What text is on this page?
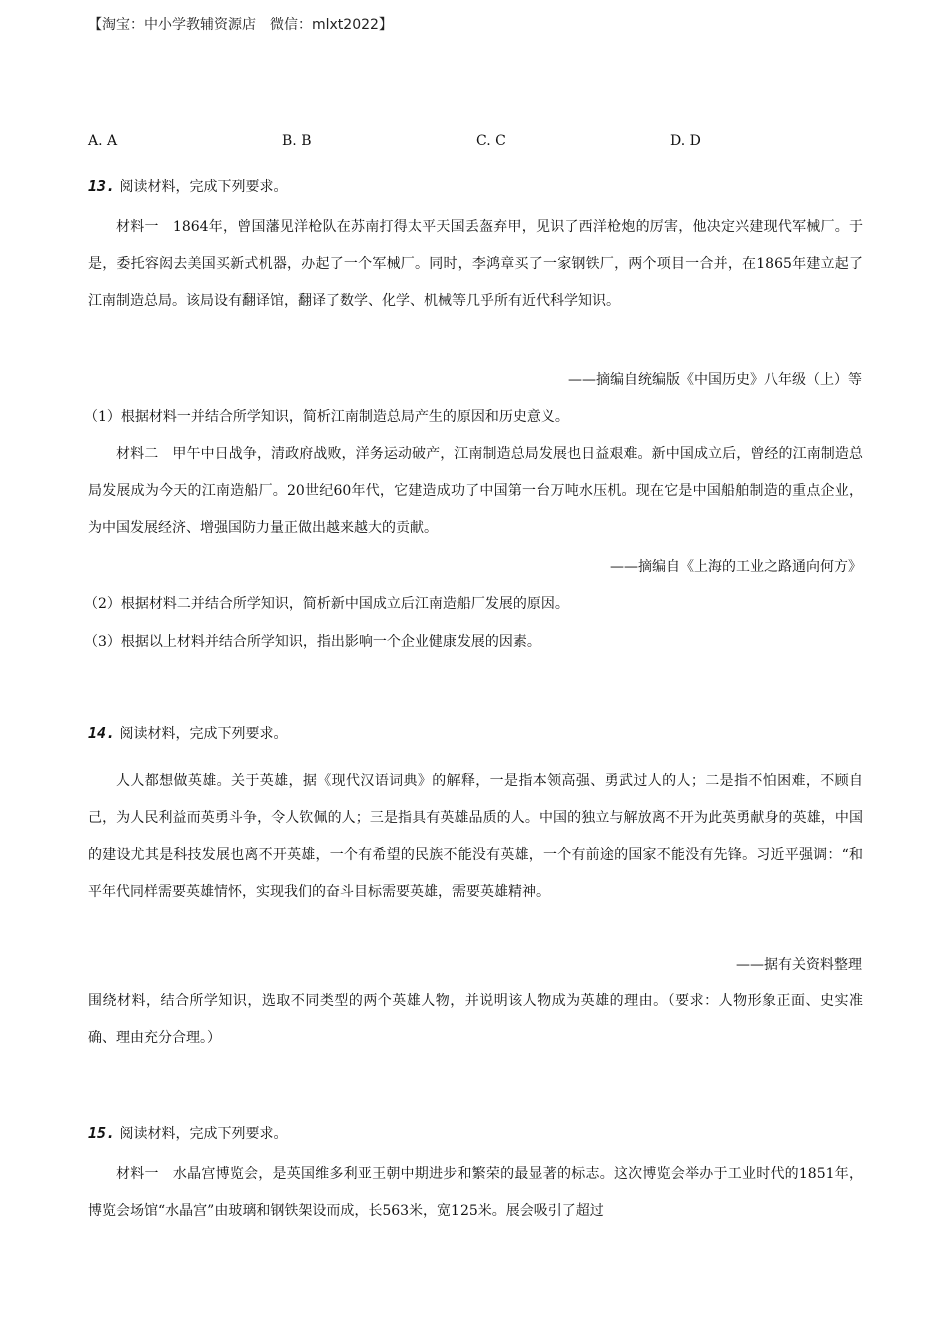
【淘宝：中小学教辅资源店　微信：mlxt2022】
A. A	B. B	C. C	D. D
13. 阅读材料，完成下列要求。
材料一　1864年，曾国藩见洋枪队在苏南打得太平天国丢盔弃甲，见识了西洋枪炮的厉害，他决定兴建现代军械厂。于是，委托容闳去美国买新式机器，办起了一个军械厂。同时，李鸿章买了一家钢铁厂，两个项目一合并，在1865年建立起了江南制造总局。该局设有翻译馆，翻译了数学、化学、机械等几乎所有近代科学知识。
——摘编自统编版《中国历史》八年级（上）等
（1）根据材料一并结合所学知识，简析江南制造总局产生的原因和历史意义。
材料二　甲午中日战争，清政府战败，洋务运动破产，江南制造总局发展也日益艰难。新中国成立后，曾经的江南制造总局发展成为今天的江南造船厂。20世纪60年代，它建造成功了中国第一台万吨水压机。现在它是中国船舶制造的重点企业，为中国发展经济、增强国防力量正做出越来越大的贡献。
——摘编自《上海的工业之路通向何方》
（2）根据材料二并结合所学知识，简析新中国成立后江南造船厂发展的原因。
（3）根据以上材料并结合所学知识，指出影响一个企业健康发展的因素。
14. 阅读材料，完成下列要求。
人人都想做英雄。关于英雄，据《现代汉语词典》的解释，一是指本领高强、勇武过人的人；二是指不怕困难，不顾自己，为人民利益而英勇斗争，令人钦佩的人；三是指具有英雄品质的人。中国的独立与解放离不开为此英勇献身的英雄，中国的建设尤其是科技发展也离不开英雄，一个有希望的民族不能没有英雄，一个有前途的国家不能没有先锋。习近平强调：“和平年代同样需要英雄情怀，实现我们的奋斗目标需要英雄，需要英雄精神。
——据有关资料整理
围绕材料，结合所学知识，选取不同类型的两个英雄人物，并说明该人物成为英雄的理由。（要求：人物形象正面、史实准确、理由充分合理。）
15. 阅读材料，完成下列要求。
材料一　水晶宫博览会，是英国维多利亚王朝中期进步和繁荣的最显著的标志。这次博览会举办于工业时代的1851年，博览会场馆“水晶宫”由玻璃和钢铁架设而成，长563米，宽125米。展会吸引了超过
